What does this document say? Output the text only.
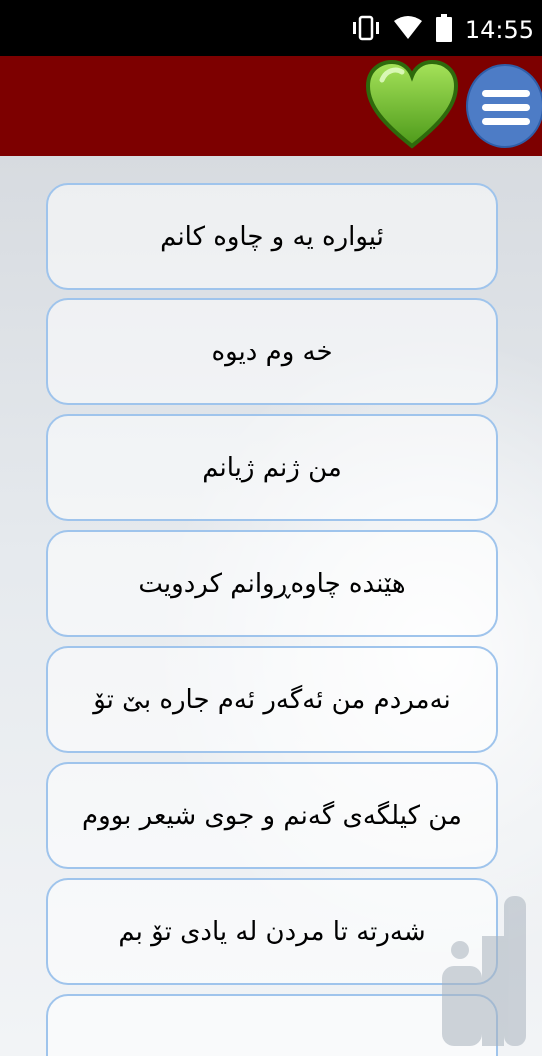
14:55
ئیواره یه و چاوه کانم
خه وم دیوه
من ژنم ژیانم
هێنده چاوەڕوانم کردویت
نەمردم من ئەگەر ئەم جاره بێ تۆ
من کیلگەی گەنم و جوی شیعر بووم
شەرته تا مردن له یادی تۆ بم
